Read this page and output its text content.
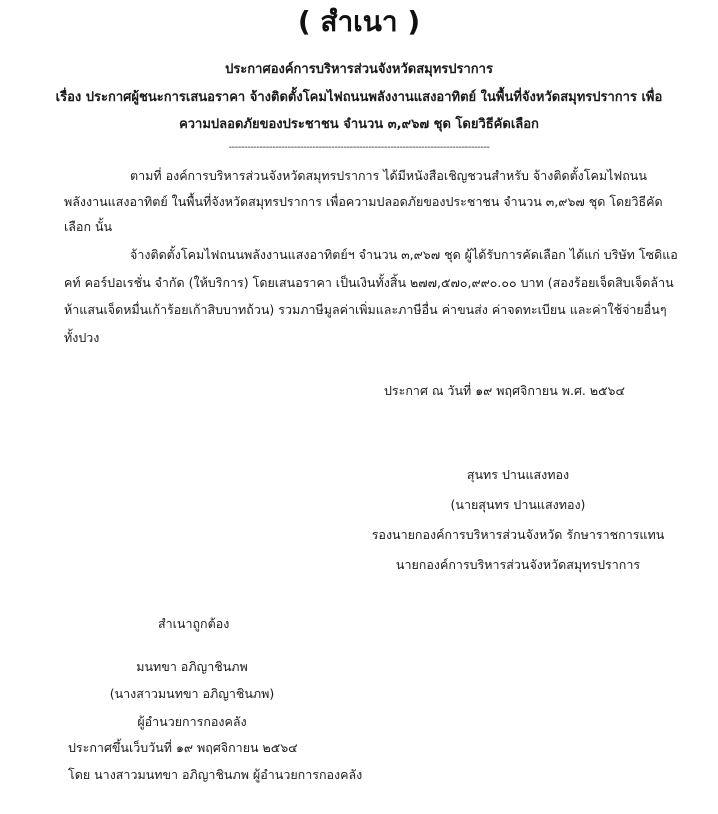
( สำเนา )
ประกาศองค์การบริหารส่วนจังหวัดสมุทรปราการ
เรื่อง ประกาศผู้ชนะการเสนอราคา จ้างติดตั้งโคมไฟถนนพลังงานแสงอาทิตย์ ในพื้นที่จังหวัดสมุทรปราการ เพื่อ
ความปลอดภัยของประชาชน จำนวน ๓,๙๖๗ ชุด โดยวิธีคัดเลือก
------------------------------------------------------------------------------------
ตามที่ องค์การบริหารส่วนจังหวัดสมุทรปราการ ได้มีหนังสือเชิญชวนสำหรับ จ้างติดตั้งโคมไฟถนน
พลังงานแสงอาทิตย์ ในพื้นที่จังหวัดสมุทรปราการ เพื่อความปลอดภัยของประชาชน จำนวน ๓,๙๖๗ ชุด โดยวิธีคัด
เลือก นั้น
จ้างติดตั้งโคมไฟถนนพลังงานแสงอาทิตย์ฯ จำนวน ๓,๙๖๗ ชุด ผู้ได้รับการคัดเลือก ได้แก่ บริษัท โซดิแอ
คท์ คอร์ปอเรชั่น จำกัด (ให้บริการ) โดยเสนอราคา เป็นเงินทั้งสิ้น ๒๗๗,๕๗๐,๙๙๐.๐๐ บาท (สองร้อยเจ็ดสิบเจ็ดล้าน
ห้าแสนเจ็ดหมื่นเก้าร้อยเก้าสิบบาทถ้วน) รวมภาษีมูลค่าเพิ่มและภาษีอื่น ค่าขนส่ง ค่าจดทะเบียน และค่าใช้จ่ายอื่นๆ
ทั้งปวง
ประกาศ ณ วันที่ ๑๙ พฤศจิกายน พ.ศ. ๒๕๖๔
สุนทร ปานแสงทอง
(นายสุนทร ปานแสงทอง)
รองนายกองค์การบริหารส่วนจังหวัด รักษาราชการแทน
นายกองค์การบริหารส่วนจังหวัดสมุทรปราการ
สำเนาถูกต้อง
มนทขา อภิญาชินภพ
(นางสาวมนทขา อภิญาชินภพ)
ผู้อำนวยการกองคลัง
ประกาศขึ้นเว็บวันที่ ๑๙ พฤศจิกายน ๒๕๖๔
โดย นางสาวมนทขา อภิญาชินภพ ผู้อำนวยการกองคลัง
